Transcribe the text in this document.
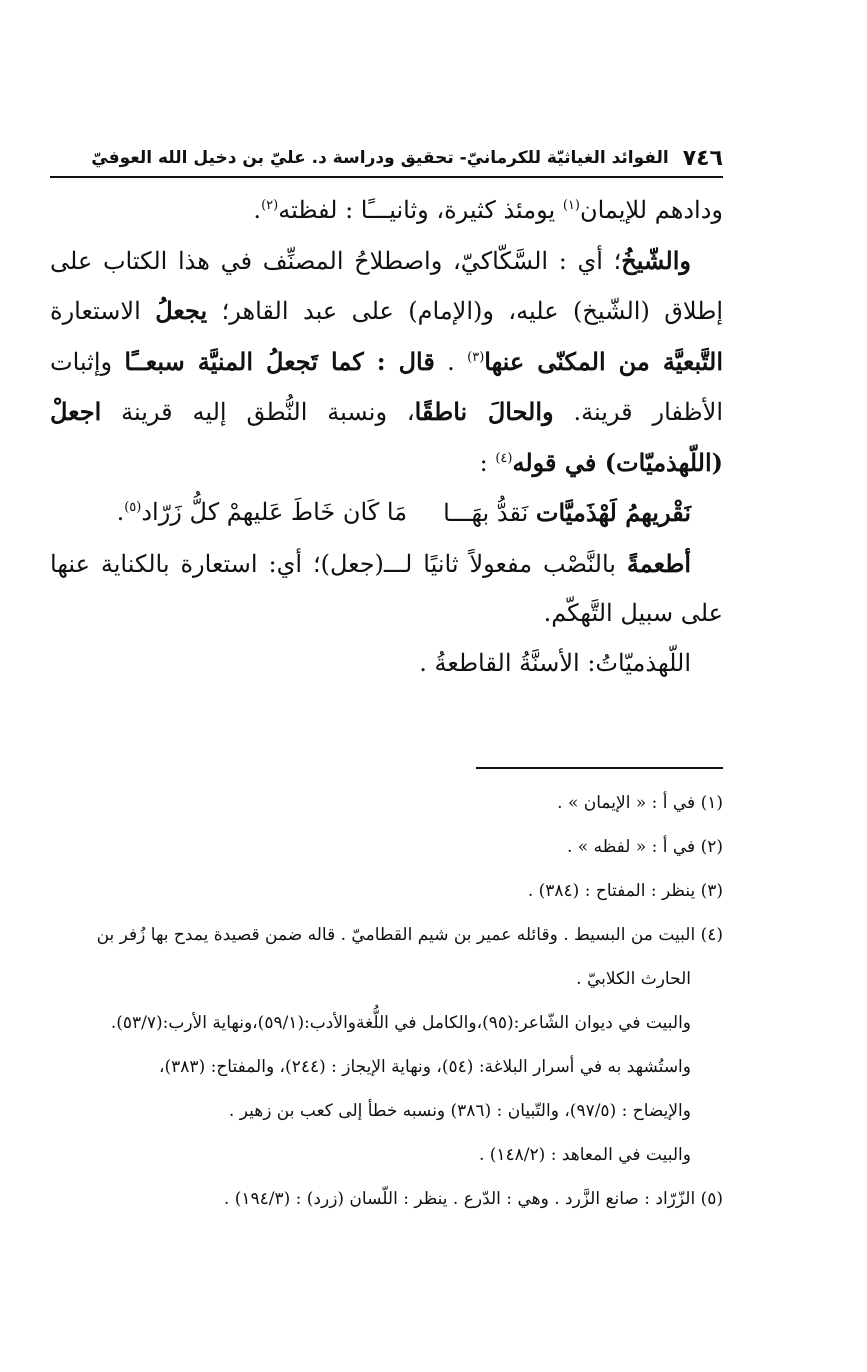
٧٤٦
الفوائد الغياثيّة للكرمانيّ- تحقيق ودراسة د. عليّ بن دخيل الله العوفيّ

ودادهم للإيمان$^{(١)}$ يومئذ كثيرة، وثانيـــًا : لفظته$^{(٢)}$.

والشّيخُ؛ أي : السَّكّاكيّ، واصطلاحُ المصنِّف في هذا الكتاب على إطلاق (الشّيخ) عليه، و(الإمام) على عبد القاهر؛ يجعلُ الاستعارة التَّبعيَّة من المكنّى عنها$^{(٣)}$ . قال : كما تَجعلُ المنيَّة سبعــًا وإثبات الأظفار قرينة. والحالَ ناطقًا، ونسبة النُّطق إليه قرينة اجعلْ (اللّهذميّات) في قوله$^{(٤)}$ :

نَقْريهمُ لَهْذَميَّات نَقدُّ بهَـــا
مَا كَان خَاطَ عَليهمْ كلُّ زَرّاد$^{(٥)}$.

أطعمةً بالنَّصْب مفعولاً ثانيًا لـــ(جعل)؛ أي: استعارة بالكناية عنها على سبيل التَّهكّم.

اللّهذميّاتُ: الأسنَّةُ القاطعةُ .

(١) في أ : « الإيمان » .

(٢) في أ : « لفظه » .

(٣) ينظر : المفتاح : (٣٨٤) .

(٤) البيت من البسيط . وقائله عمير بن شيم القطاميّ . قاله ضمن قصيدة يمدح بها زُفر بن

الحارث الكلابيّ .

والبيت في ديوان الشّاعر:(٩٥)،والكامل في اللُّغةوالأدب:(٥٩/١)،ونهاية الأرب:(٥٣/٧).

واستُشهد به في أسرار البلاغة: (٥٤)، ونهاية الإيجاز : (٢٤٤)، والمفتاح: (٣٨٣)،

والإيضاح : (٩٧/٥)، والتّبيان : (٣٨٦) ونسبه خطأ إلى كعب بن زهير .

والبيت في المعاهد : (١٤٨/٢) .

(٥) الزّرّاد : صانع الزَّرد . وهي : الدّرع . ينظر : اللّسان (زرد) : (١٩٤/٣) .
